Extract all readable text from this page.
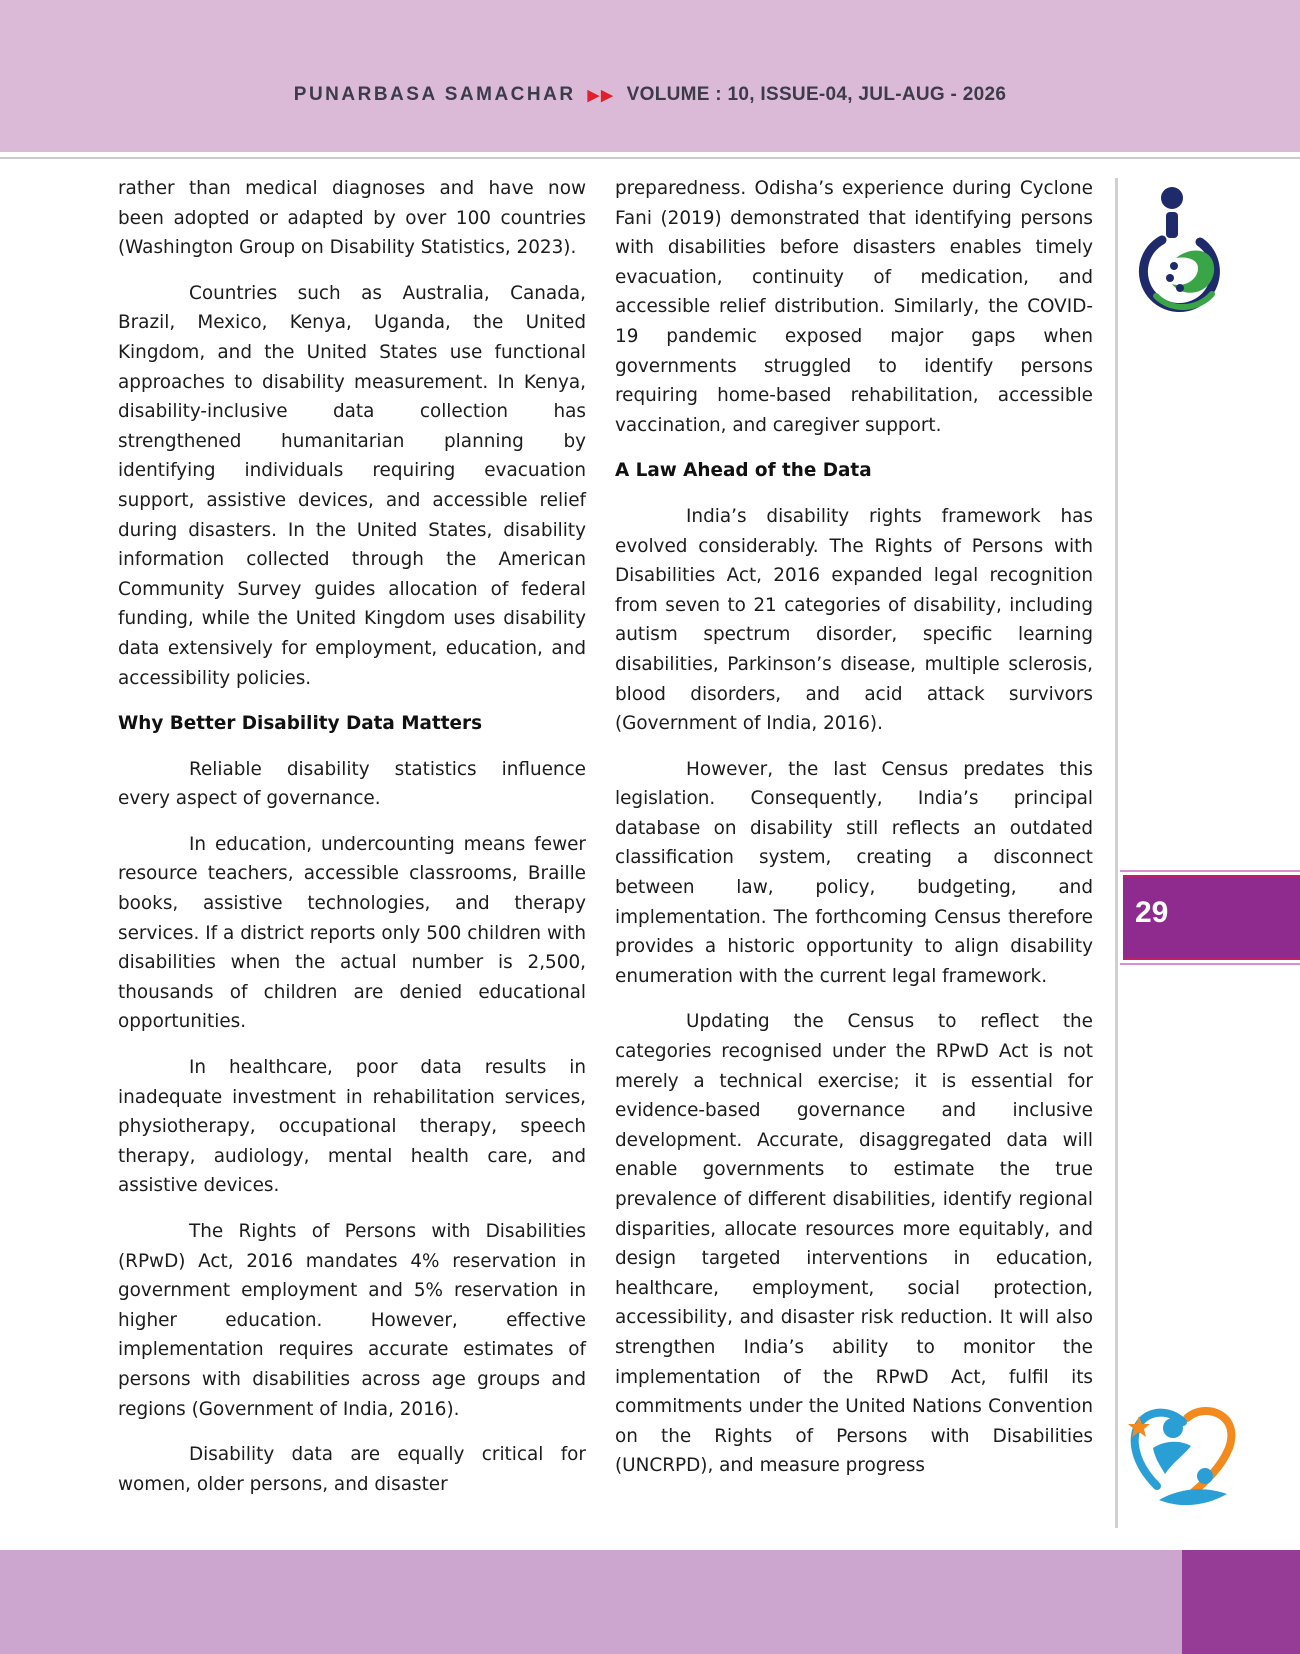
PUNARBASA SAMACHAR ▶▶ VOLUME : 10, ISSUE-04, JUL-AUG - 2026

rather than medical diagnoses and have now been adopted or adapted by over 100 countries (Washington Group on Disability Statistics, 2023).

Countries such as Australia, Canada, Brazil, Mexico, Kenya, Uganda, the United Kingdom, and the United States use functional approaches to disability measurement. In Kenya, disability-inclusive data collection has strengthened humanitarian planning by identifying individuals requiring evacuation support, assistive devices, and accessible relief during disasters. In the United States, disability information collected through the American Community Survey guides allocation of federal funding, while the United Kingdom uses disability data extensively for employment, education, and accessibility policies.

Why Better Disability Data Matters

Reliable disability statistics influence every aspect of governance.

In education, undercounting means fewer resource teachers, accessible classrooms, Braille books, assistive technologies, and therapy services. If a district reports only 500 children with disabilities when the actual number is 2,500, thousands of children are denied educational opportunities.

In healthcare, poor data results in inadequate investment in rehabilitation services, physiotherapy, occupational therapy, speech therapy, audiology, mental health care, and assistive devices.

The Rights of Persons with Disabilities (RPwD) Act, 2016 mandates 4% reservation in government employment and 5% reservation in higher education. However, effective implementation requires accurate estimates of persons with disabilities across age groups and regions (Government of India, 2016).

Disability data are equally critical for women, older persons, and disaster

preparedness. Odisha’s experience during Cyclone Fani (2019) demonstrated that identifying persons with disabilities before disasters enables timely evacuation, continuity of medication, and accessible relief distribution. Similarly, the COVID-19 pandemic exposed major gaps when governments struggled to identify persons requiring home-based rehabilitation, accessible vaccination, and caregiver support.

A Law Ahead of the Data

India’s disability rights framework has evolved considerably. The Rights of Persons with Disabilities Act, 2016 expanded legal recognition from seven to 21 categories of disability, including autism spectrum disorder, specific learning disabilities, Parkinson’s disease, multiple sclerosis, blood disorders, and acid attack survivors (Government of India, 2016).

However, the last Census predates this legislation. Consequently, India’s principal database on disability still reflects an outdated classification system, creating a disconnect between law, policy, budgeting, and implementation. The forthcoming Census therefore provides a historic opportunity to align disability enumeration with the current legal framework.

Updating the Census to reflect the categories recognised under the RPwD Act is not merely a technical exercise; it is essential for evidence-based governance and inclusive development. Accurate, disaggregated data will enable governments to estimate the true prevalence of different disabilities, identify regional disparities, allocate resources more equitably, and design targeted interventions in education, healthcare, employment, social protection, accessibility, and disaster risk reduction. It will also strengthen India’s ability to monitor the implementation of the RPwD Act, fulfil its commitments under the United Nations Convention on the Rights of Persons with Disabilities (UNCRPD), and measure progress

29
